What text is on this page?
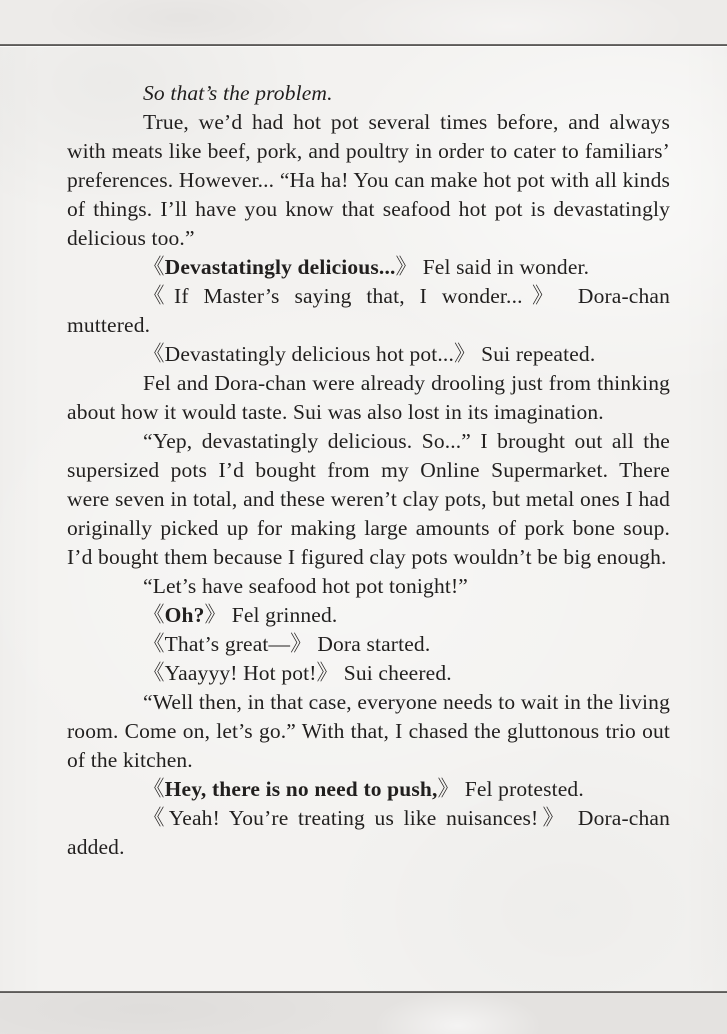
So that’s the problem.

True, we’d had hot pot several times before, and always with meats like beef, pork, and poultry in order to cater to familiars’ preferences. However... “Ha ha! You can make hot pot with all kinds of things. I’ll have you know that seafood hot pot is devastatingly delicious too.”

《Devastatingly delicious...》 Fel said in wonder.

《If Master’s saying that, I wonder...》 Dora-chan muttered.

《Devastatingly delicious hot pot...》 Sui repeated.

Fel and Dora-chan were already drooling just from thinking about how it would taste. Sui was also lost in its imagination.

“Yep, devastatingly delicious. So...” I brought out all the supersized pots I’d bought from my Online Supermarket. There were seven in total, and these weren’t clay pots, but metal ones I had originally picked up for making large amounts of pork bone soup. I’d bought them because I figured clay pots wouldn’t be big enough.

“Let’s have seafood hot pot tonight!”

《Oh?》 Fel grinned.

《That’s great—》 Dora started.

《Yaayyy! Hot pot!》 Sui cheered.

“Well then, in that case, everyone needs to wait in the living room. Come on, let’s go.” With that, I chased the gluttonous trio out of the kitchen.

《Hey, there is no need to push,》 Fel protested.

《Yeah! You’re treating us like nuisances!》 Dora-chan added.
